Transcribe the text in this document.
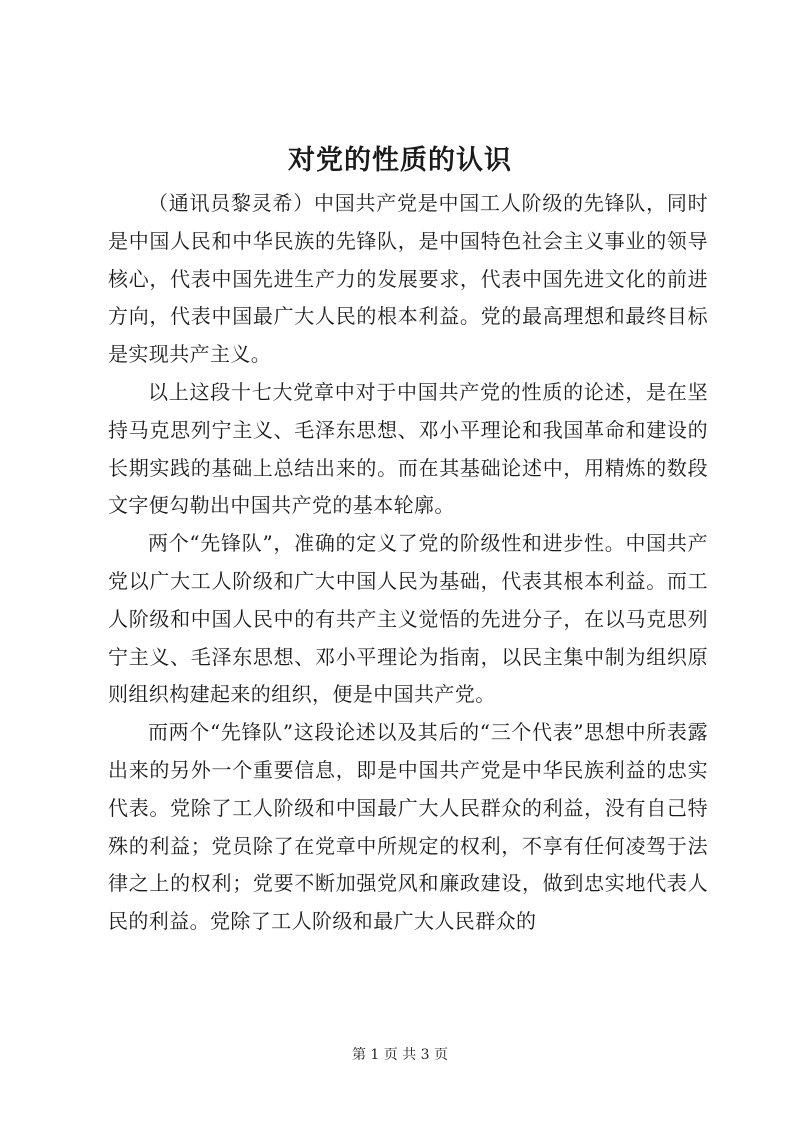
对党的性质的认识

（通讯员黎灵希）中国共产党是中国工人阶级的先锋队，同时是中国人民和中华民族的先锋队，是中国特色社会主义事业的领导核心，代表中国先进生产力的发展要求，代表中国先进文化的前进方向，代表中国最广大人民的根本利益。党的最高理想和最终目标是实现共产主义。

以上这段十七大党章中对于中国共产党的性质的论述，是在坚持马克思列宁主义、毛泽东思想、邓小平理论和我国革命和建设的长期实践的基础上总结出来的。而在其基础论述中，用精炼的数段文字便勾勒出中国共产党的基本轮廓。

两个“先锋队”，准确的定义了党的阶级性和进步性。中国共产党以广大工人阶级和广大中国人民为基础，代表其根本利益。而工人阶级和中国人民中的有共产主义觉悟的先进分子，在以马克思列宁主义、毛泽东思想、邓小平理论为指南，以民主集中制为组织原则组织构建起来的组织，便是中国共产党。

而两个“先锋队”这段论述以及其后的“三个代表”思想中所表露出来的另外一个重要信息，即是中国共产党是中华民族利益的忠实代表。党除了工人阶级和中国最广大人民群众的利益，没有自己特殊的利益；党员除了在党章中所规定的权利，不享有任何凌驾于法律之上的权利；党要不断加强党风和廉政建设，做到忠实地代表人民的利益。党除了工人阶级和最广大人民群众的

第 1 页 共 3 页
